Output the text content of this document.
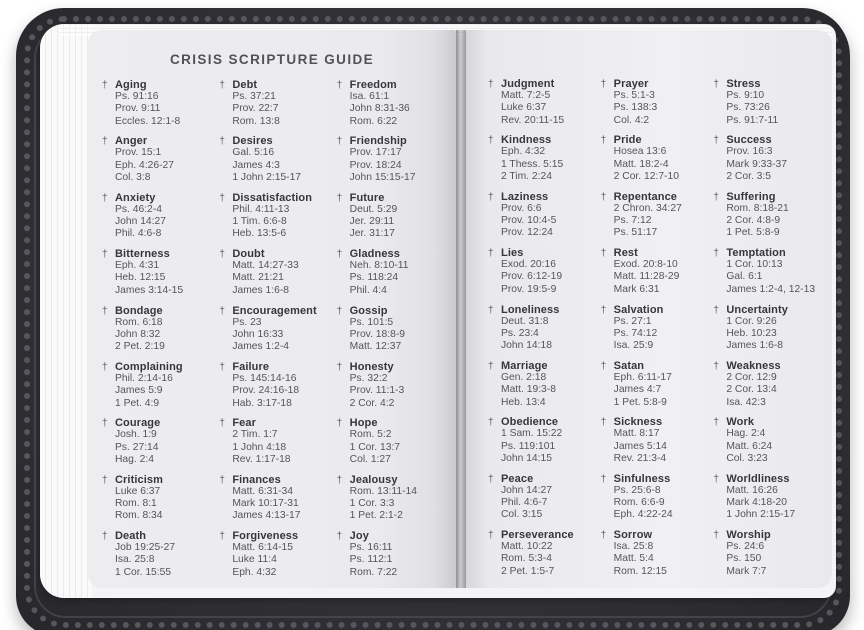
CRISIS SCRIPTURE GUIDE
† Aging
Ps. 91:16
Prov. 9:11
Eccles. 12:1-8
† Anger
Prov. 15:1
Eph. 4:26-27
Col. 3:8
† Anxiety
Ps. 46:2-4
John 14:27
Phil. 4:6-8
† Bitterness
Eph. 4:31
Heb. 12:15
James 3:14-15
† Bondage
Rom. 6:18
John 8:32
2 Pet. 2:19
† Complaining
Phil. 2:14-16
James 5:9
1 Pet. 4:9
† Courage
Josh. 1:9
Ps. 27:14
Hag. 2:4
† Criticism
Luke 6:37
Rom. 8:1
Rom. 8:34
† Death
Job 19:25-27
Isa. 25:8
1 Cor. 15:55
† Debt
Ps. 37:21
Prov. 22:7
Rom. 13:8
† Desires
Gal. 5:16
James 4:3
1 John 2:15-17
† Dissatisfaction
Phil. 4:11-13
1 Tim. 6:6-8
Heb. 13:5-6
† Doubt
Matt. 14:27-33
Matt. 21:21
James 1:6-8
† Encouragement
Ps. 23
John 16:33
James 1:2-4
† Failure
Ps. 145:14-16
Prov. 24:16-18
Hab. 3:17-18
† Fear
2 Tim. 1:7
1 John 4:18
Rev. 1:17-18
† Finances
Matt. 6:31-34
Mark 10:17-31
James 4:13-17
† Forgiveness
Matt. 6:14-15
Luke 11:4
Eph. 4:32
† Freedom
Isa. 61:1
John 8:31-36
Rom. 6:22
† Friendship
Prov. 17:17
Prov. 18:24
John 15:15-17
† Future
Deut. 5:29
Jer. 29:11
Jer. 31:17
† Gladness
Neh. 8:10-11
Ps. 118:24
Phil. 4:4
† Gossip
Ps. 101:5
Prov. 18:8-9
Matt. 12:37
† Honesty
Ps. 32:2
Prov. 11:1-3
2 Cor. 4:2
† Hope
Rom. 5:2
1 Cor. 13:7
Col. 1:27
† Jealousy
Rom. 13:11-14
1 Cor. 3:3
1 Pet. 2:1-2
† Joy
Ps. 16:11
Ps. 112:1
Rom. 7:22
† Judgment
Matt. 7:2-5
Luke 6:37
Rev. 20:11-15
† Kindness
Eph. 4:32
1 Thess. 5:15
2 Tim. 2:24
† Laziness
Prov. 6:6
Prov. 10:4-5
Prov. 12:24
† Lies
Exod. 20:16
Prov. 6:12-19
Prov. 19:5-9
† Loneliness
Deut. 31:8
Ps. 23:4
John 14:18
† Marriage
Gen. 2:18
Matt. 19:3-8
Heb. 13:4
† Obedience
1 Sam. 15:22
Ps. 119:101
John 14:15
† Peace
John 14:27
Phil. 4:6-7
Col. 3:15
† Perseverance
Matt. 10:22
Rom. 5:3-4
2 Pet. 1:5-7
† Prayer
Ps. 5:1-3
Ps. 138:3
Col. 4:2
† Pride
Hosea 13:6
Matt. 18:2-4
2 Cor. 12:7-10
† Repentance
2 Chron. 34:27
Ps. 7:12
Ps. 51:17
† Rest
Exod. 20:8-10
Matt. 11:28-29
Mark 6:31
† Salvation
Ps. 27:1
Ps. 74:12
Isa. 25:9
† Satan
Eph. 6:11-17
James 4:7
1 Pet. 5:8-9
† Sickness
Matt. 8:17
James 5:14
Rev. 21:3-4
† Sinfulness
Ps. 25:6-8
Rom. 6:6-9
Eph. 4:22-24
† Sorrow
Isa. 25:8
Matt. 5:4
Rom. 12:15
† Stress
Ps. 9:10
Ps. 73:26
Ps. 91:7-11
† Success
Prov. 16:3
Mark 9:33-37
2 Cor. 3:5
† Suffering
Rom. 8:18-21
2 Cor. 4:8-9
1 Pet. 5:8-9
† Temptation
1 Cor. 10:13
Gal. 6:1
James 1:2-4, 12-13
† Uncertainty
1 Cor. 9:26
Heb. 10:23
James 1:6-8
† Weakness
2 Cor. 12:9
2 Cor. 13:4
Isa. 42:3
† Work
Hag. 2:4
Matt. 6:24
Col. 3:23
† Worldliness
Matt. 16:26
Mark 4:18-20
1 John 2:15-17
† Worship
Ps. 24:6
Ps. 150
Mark 7:7
